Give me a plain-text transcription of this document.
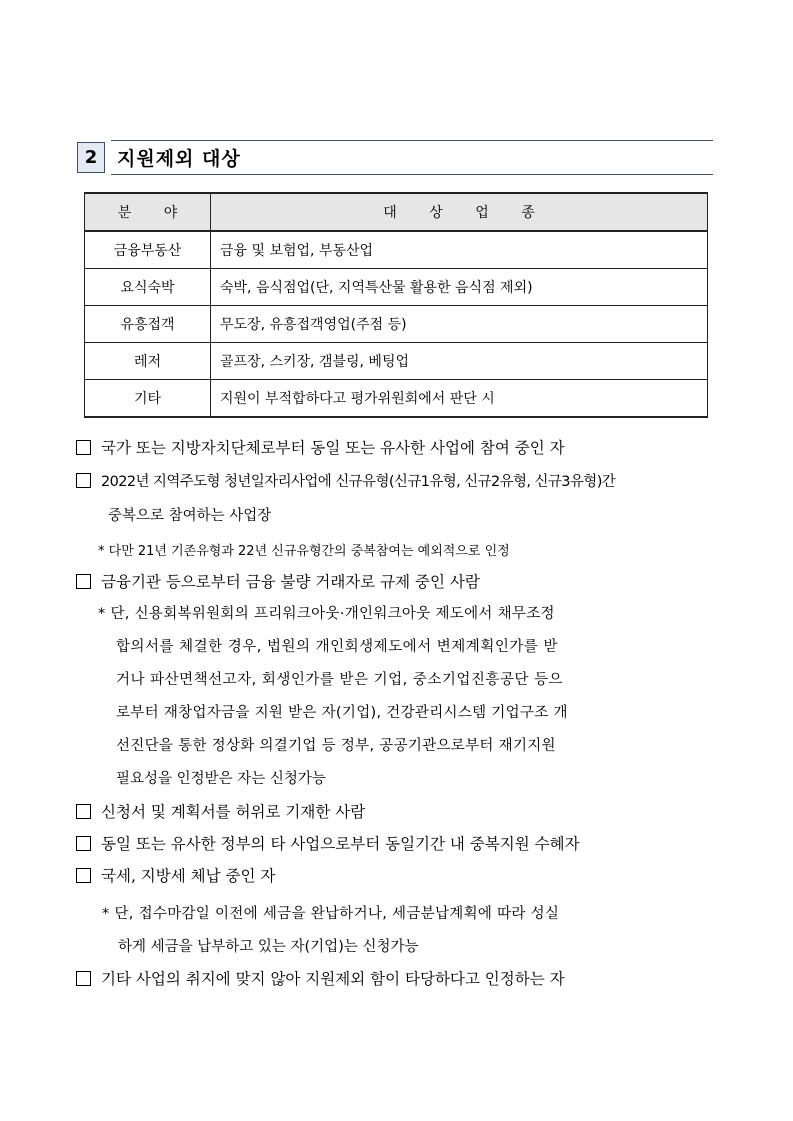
2	지원제외 대상
분 야	대 상 업 종
금융부동산	금융 및 보험업, 부동산업
요식숙박	숙박, 음식점업(단, 지역특산물 활용한 음식점 제외)
유흥접객	무도장, 유흥접객영업(주점 등)
레저	골프장, 스키장, 갬블링, 베팅업
기타	지원이 부적합하다고 평가위원회에서 판단 시
국가 또는 지방자치단체로부터 동일 또는 유사한 사업에 참여 중인 자
2022년 지역주도형 청년일자리사업에 신규유형(신규1유형, 신규2유형, 신규3유형)간
중복으로 참여하는 사업장
* 다만 21년 기존유형과 22년 신규유형간의 중복참여는 예외적으로 인정
금융기관 등으로부터 금융 불량 거래자로 규제 중인 사람
* 단, 신용회복위원회의 프리워크아웃·개인워크아웃 제도에서 채무조정
합의서를 체결한 경우, 법원의 개인회생제도에서 변제계획인가를 받
거나 파산면책선고자, 회생인가를 받은 기업, 중소기업진흥공단 등으
로부터 재창업자금을 지원 받은 자(기업), 건강관리시스템 기업구조 개
선진단을 통한 정상화 의결기업 등 정부, 공공기관으로부터 재기지원
필요성을 인정받은 자는 신청가능
신청서 및 계획서를 허위로 기재한 사람
동일 또는 유사한 정부의 타 사업으로부터 동일기간 내 중복지원 수혜자
국세, 지방세 체납 중인 자
* 단, 접수마감일 이전에 세금을 완납하거나, 세금분납계획에 따라 성실
하게 세금을 납부하고 있는 자(기업)는 신청가능
기타 사업의 취지에 맞지 않아 지원제외 함이 타당하다고 인정하는 자
